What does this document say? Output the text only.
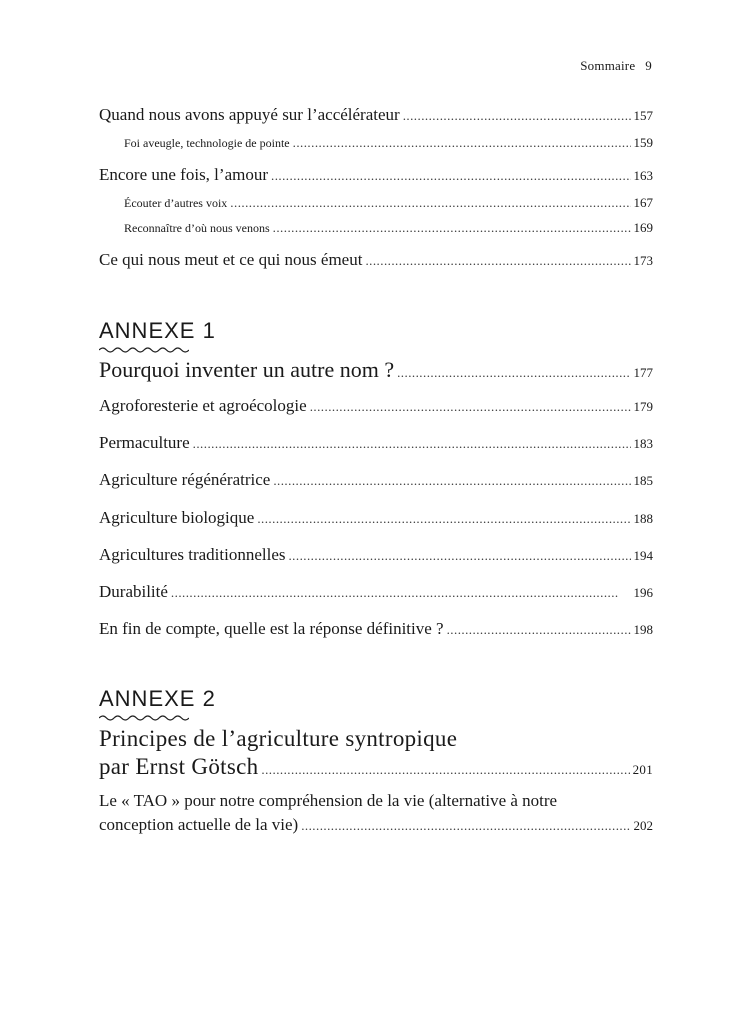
Sommaire 9
Quand nous avons appuyé sur l’accélérateur . . .	157
Foi aveugle, technologie de pointe . . .	159
Encore une fois, l’amour . . .	163
Écouter d’autres voix . . .	167
Reconnaître d’où nous venons . . .	169
Ce qui nous meut et ce qui nous émeut . . .	173
ANNEXE 1
Pourquoi inventer un autre nom ? . . .	177
Agroforesterie et agroécologie . . .	179
Permaculture . . .	183
Agriculture régénératrice . . .	185
Agriculture biologique . . .	188
Agricultures traditionnelles . . .	194
Durabilité . . .	196
En fin de compte, quelle est la réponse définitive ? . . .	198
ANNEXE 2
Principes de l’agriculture syntropique
par Ernst Götsch . . .	201
Le « TAO » pour notre compréhension de la vie (alternative à notre
conception actuelle de la vie) . . .	202
